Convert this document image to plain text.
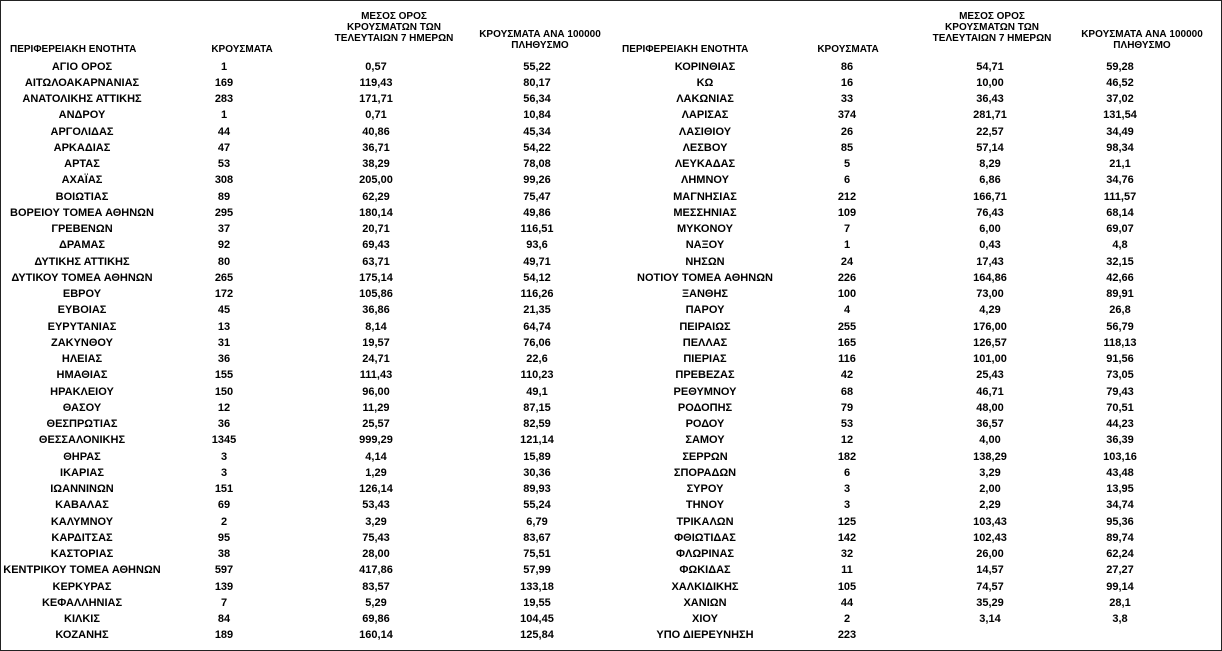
ΠΕΡΙΦΕΡΕΙΑΚΗ ΕΝΟΤΗΤΑ	ΚΡΟΥΣΜΑΤΑ
ΜΕΣΟΣ ΟΡΟΣ
ΚΡΟΥΣΜΑΤΩΝ ΤΩΝ
ΤΕΛΕΥΤΑΙΩΝ 7 ΗΜΕΡΩΝ	ΚΡΟΥΣΜΑΤΑ ΑΝΑ 100000
ΠΛΗΘΥΣΜΟ	ΠΕΡΙΦΕΡΕΙΑΚΗ ΕΝΟΤΗΤΑ	ΚΡΟΥΣΜΑΤΑ
ΜΕΣΟΣ ΟΡΟΣ
ΚΡΟΥΣΜΑΤΩΝ ΤΩΝ
ΤΕΛΕΥΤΑΙΩΝ 7 ΗΜΕΡΩΝ	ΚΡΟΥΣΜΑΤΑ ΑΝΑ 100000
ΠΛΗΘΥΣΜΟ
ΑΓΙΟ ΟΡΟΣ	1	0,57	55,22
ΑΙΤΩΛΟΑΚΑΡΝΑΝΙΑΣ	169	119,43	80,17
ΑΝΑΤΟΛΙΚΗΣ ΑΤΤΙΚΗΣ	283	171,71	56,34
ΑΝΔΡΟΥ	1	0,71	10,84
ΑΡΓΟΛΙΔΑΣ	44	40,86	45,34
ΑΡΚΑΔΙΑΣ	47	36,71	54,22
ΑΡΤΑΣ	53	38,29	78,08
ΑΧΑΪΑΣ	308	205,00	99,26
ΒΟΙΩΤΙΑΣ	89	62,29	75,47
ΒΟΡΕΙΟΥ ΤΟΜΕΑ ΑΘΗΝΩΝ	295	180,14	49,86
ΓΡΕΒΕΝΩΝ	37	20,71	116,51
ΔΡΑΜΑΣ	92	69,43	93,6
ΔΥΤΙΚΗΣ ΑΤΤΙΚΗΣ	80	63,71	49,71
ΔΥΤΙΚΟΥ ΤΟΜΕΑ ΑΘΗΝΩΝ	265	175,14	54,12
ΕΒΡΟΥ	172	105,86	116,26
ΕΥΒΟΙΑΣ	45	36,86	21,35
ΕΥΡΥΤΑΝΙΑΣ	13	8,14	64,74
ΖΑΚΥΝΘΟΥ	31	19,57	76,06
ΗΛΕΙΑΣ	36	24,71	22,6
ΗΜΑΘΙΑΣ	155	111,43	110,23
ΗΡΑΚΛΕΙΟΥ	150	96,00	49,1
ΘΑΣΟΥ	12	11,29	87,15
ΘΕΣΠΡΩΤΙΑΣ	36	25,57	82,59
ΘΕΣΣΑΛΟΝΙΚΗΣ	1345	999,29	121,14
ΘΗΡΑΣ	3	4,14	15,89
ΙΚΑΡΙΑΣ	3	1,29	30,36
ΙΩΑΝΝΙΝΩΝ	151	126,14	89,93
ΚΑΒΑΛΑΣ	69	53,43	55,24
ΚΑΛΥΜΝΟΥ	2	3,29	6,79
ΚΑΡΔΙΤΣΑΣ	95	75,43	83,67
ΚΑΣΤΟΡΙΑΣ	38	28,00	75,51
ΚΕΝΤΡΙΚΟΥ ΤΟΜΕΑ ΑΘΗΝΩΝ	597	417,86	57,99
ΚΕΡΚΥΡΑΣ	139	83,57	133,18
ΚΕΦΑΛΛΗΝΙΑΣ	7	5,29	19,55
ΚΙΛΚΙΣ	84	69,86	104,45
ΚΟΖΑΝΗΣ	189	160,14	125,84
ΚΟΡΙΝΘΙΑΣ	86	54,71	59,28
ΚΩ	16	10,00	46,52
ΛΑΚΩΝΙΑΣ	33	36,43	37,02
ΛΑΡΙΣΑΣ	374	281,71	131,54
ΛΑΣΙΘΙΟΥ	26	22,57	34,49
ΛΕΣΒΟΥ	85	57,14	98,34
ΛΕΥΚΑΔΑΣ	5	8,29	21,1
ΛΗΜΝΟΥ	6	6,86	34,76
ΜΑΓΝΗΣΙΑΣ	212	166,71	111,57
ΜΕΣΣΗΝΙΑΣ	109	76,43	68,14
ΜΥΚΟΝΟΥ	7	6,00	69,07
ΝΑΞΟΥ	1	0,43	4,8
ΝΗΣΩΝ	24	17,43	32,15
ΝΟΤΙΟΥ ΤΟΜΕΑ ΑΘΗΝΩΝ	226	164,86	42,66
ΞΑΝΘΗΣ	100	73,00	89,91
ΠΑΡΟΥ	4	4,29	26,8
ΠΕΙΡΑΙΩΣ	255	176,00	56,79
ΠΕΛΛΑΣ	165	126,57	118,13
ΠΙΕΡΙΑΣ	116	101,00	91,56
ΠΡΕΒΕΖΑΣ	42	25,43	73,05
ΡΕΘΥΜΝΟΥ	68	46,71	79,43
ΡΟΔΟΠΗΣ	79	48,00	70,51
ΡΟΔΟΥ	53	36,57	44,23
ΣΑΜΟΥ	12	4,00	36,39
ΣΕΡΡΩΝ	182	138,29	103,16
ΣΠΟΡΑΔΩΝ	6	3,29	43,48
ΣΥΡΟΥ	3	2,00	13,95
ΤΗΝΟΥ	3	2,29	34,74
ΤΡΙΚΑΛΩΝ	125	103,43	95,36
ΦΘΙΩΤΙΔΑΣ	142	102,43	89,74
ΦΛΩΡΙΝΑΣ	32	26,00	62,24
ΦΩΚΙΔΑΣ	11	14,57	27,27
ΧΑΛΚΙΔΙΚΗΣ	105	74,57	99,14
ΧΑΝΙΩΝ	44	35,29	28,1
ΧΙΟΥ	2	3,14	3,8
ΥΠΟ ΔΙΕΡΕΥΝΗΣΗ	223
